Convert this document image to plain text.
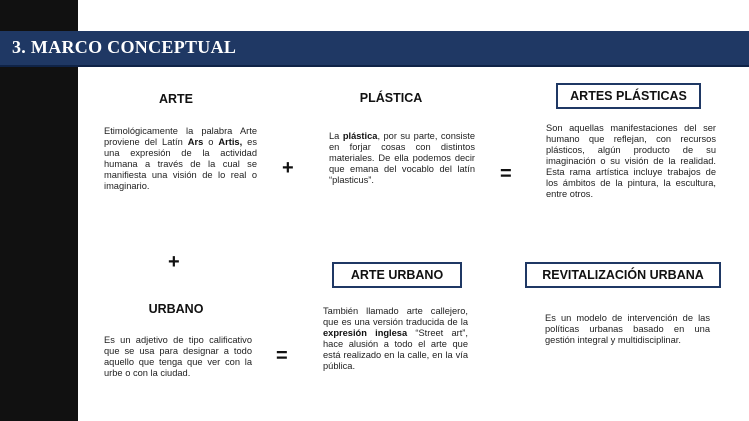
3. MARCO CONCEPTUAL
ARTE
Etimológicamente la palabra Arte proviene del Latín Ars o Artis, es una expresión de la actividad humana a través de la cual se manifiesta una visión de lo real o imaginario.
+
PLÁSTICA
La plástica, por su parte, consiste en forjar cosas con distintos materiales. De ella podemos decir que emana del vocablo del latín “plasticus”.	=
ARTES PLÁSTICAS
Son aquellas manifestaciones del ser humano que reflejan, con recursos plásticos, algún producto de su imaginación o su visión de la realidad. Esta rama artística incluye trabajos de los ámbitos de la pintura, la escultura, entre otros.
+
URBANO
Es un adjetivo de tipo calificativo que se usa para designar a todo aquello que tenga que ver con la urbe o con la ciudad.
=
ARTE URBANO
También llamado arte callejero, que es una versión traducida de la expresión inglesa “Street art”, hace alusión a todo el arte que está realizado en la calle, en la vía pública.
REVITALIZACIÓN URBANA
Es un modelo de intervención de las políticas urbanas basado en una gestión integral y multidisciplinar.
